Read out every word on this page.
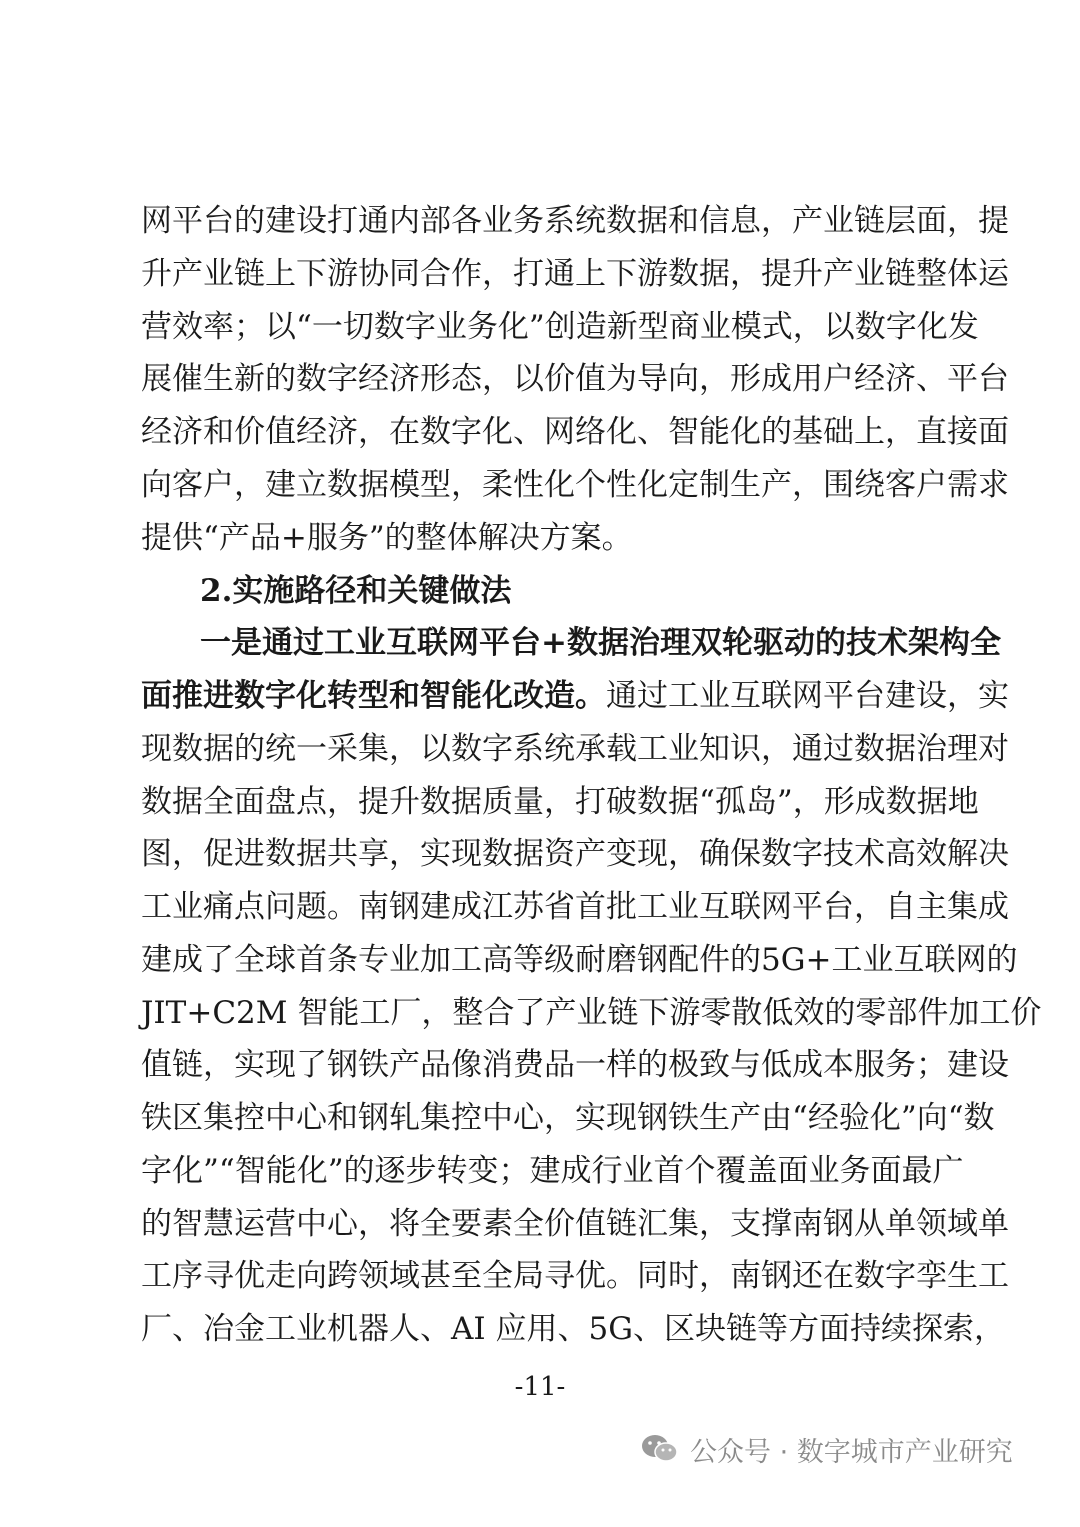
网平台的建设打通内部各业务系统数据和信息，产业链层面，提
升产业链上下游协同合作，打通上下游数据，提升产业链整体运
营效率；以“一切数字业务化”创造新型商业模式，以数字化发
展催生新的数字经济形态，以价值为导向，形成用户经济、平台
经济和价值经济，在数字化、网络化、智能化的基础上，直接面
向客户，建立数据模型，柔性化个性化定制生产，围绕客户需求
提供“产品+服务”的整体解决方案。
2.实施路径和关键做法
一是通过工业互联网平台+数据治理双轮驱动的技术架构全
面推进数字化转型和智能化改造。通过工业互联网平台建设，实
现数据的统一采集，以数字系统承载工业知识，通过数据治理对
数据全面盘点，提升数据质量，打破数据“孤岛”，形成数据地
图，促进数据共享，实现数据资产变现，确保数字技术高效解决
工业痛点问题。南钢建成江苏省首批工业互联网平台，自主集成
建成了全球首条专业加工高等级耐磨钢配件的5G+工业互联网的
JIT+C2M 智能工厂，整合了产业链下游零散低效的零部件加工价
值链，实现了钢铁产品像消费品一样的极致与低成本服务；建设
铁区集控中心和钢轧集控中心，实现钢铁生产由“经验化”向“数
字化”“智能化”的逐步转变；建成行业首个覆盖面业务面最广
的智慧运营中心，将全要素全价值链汇集，支撑南钢从单领域单
工序寻优走向跨领域甚至全局寻优。同时，南钢还在数字孪生工
厂、冶金工业机器人、AI 应用、5G、区块链等方面持续探索，
-11-
公众号 · 数字城市产业研究
